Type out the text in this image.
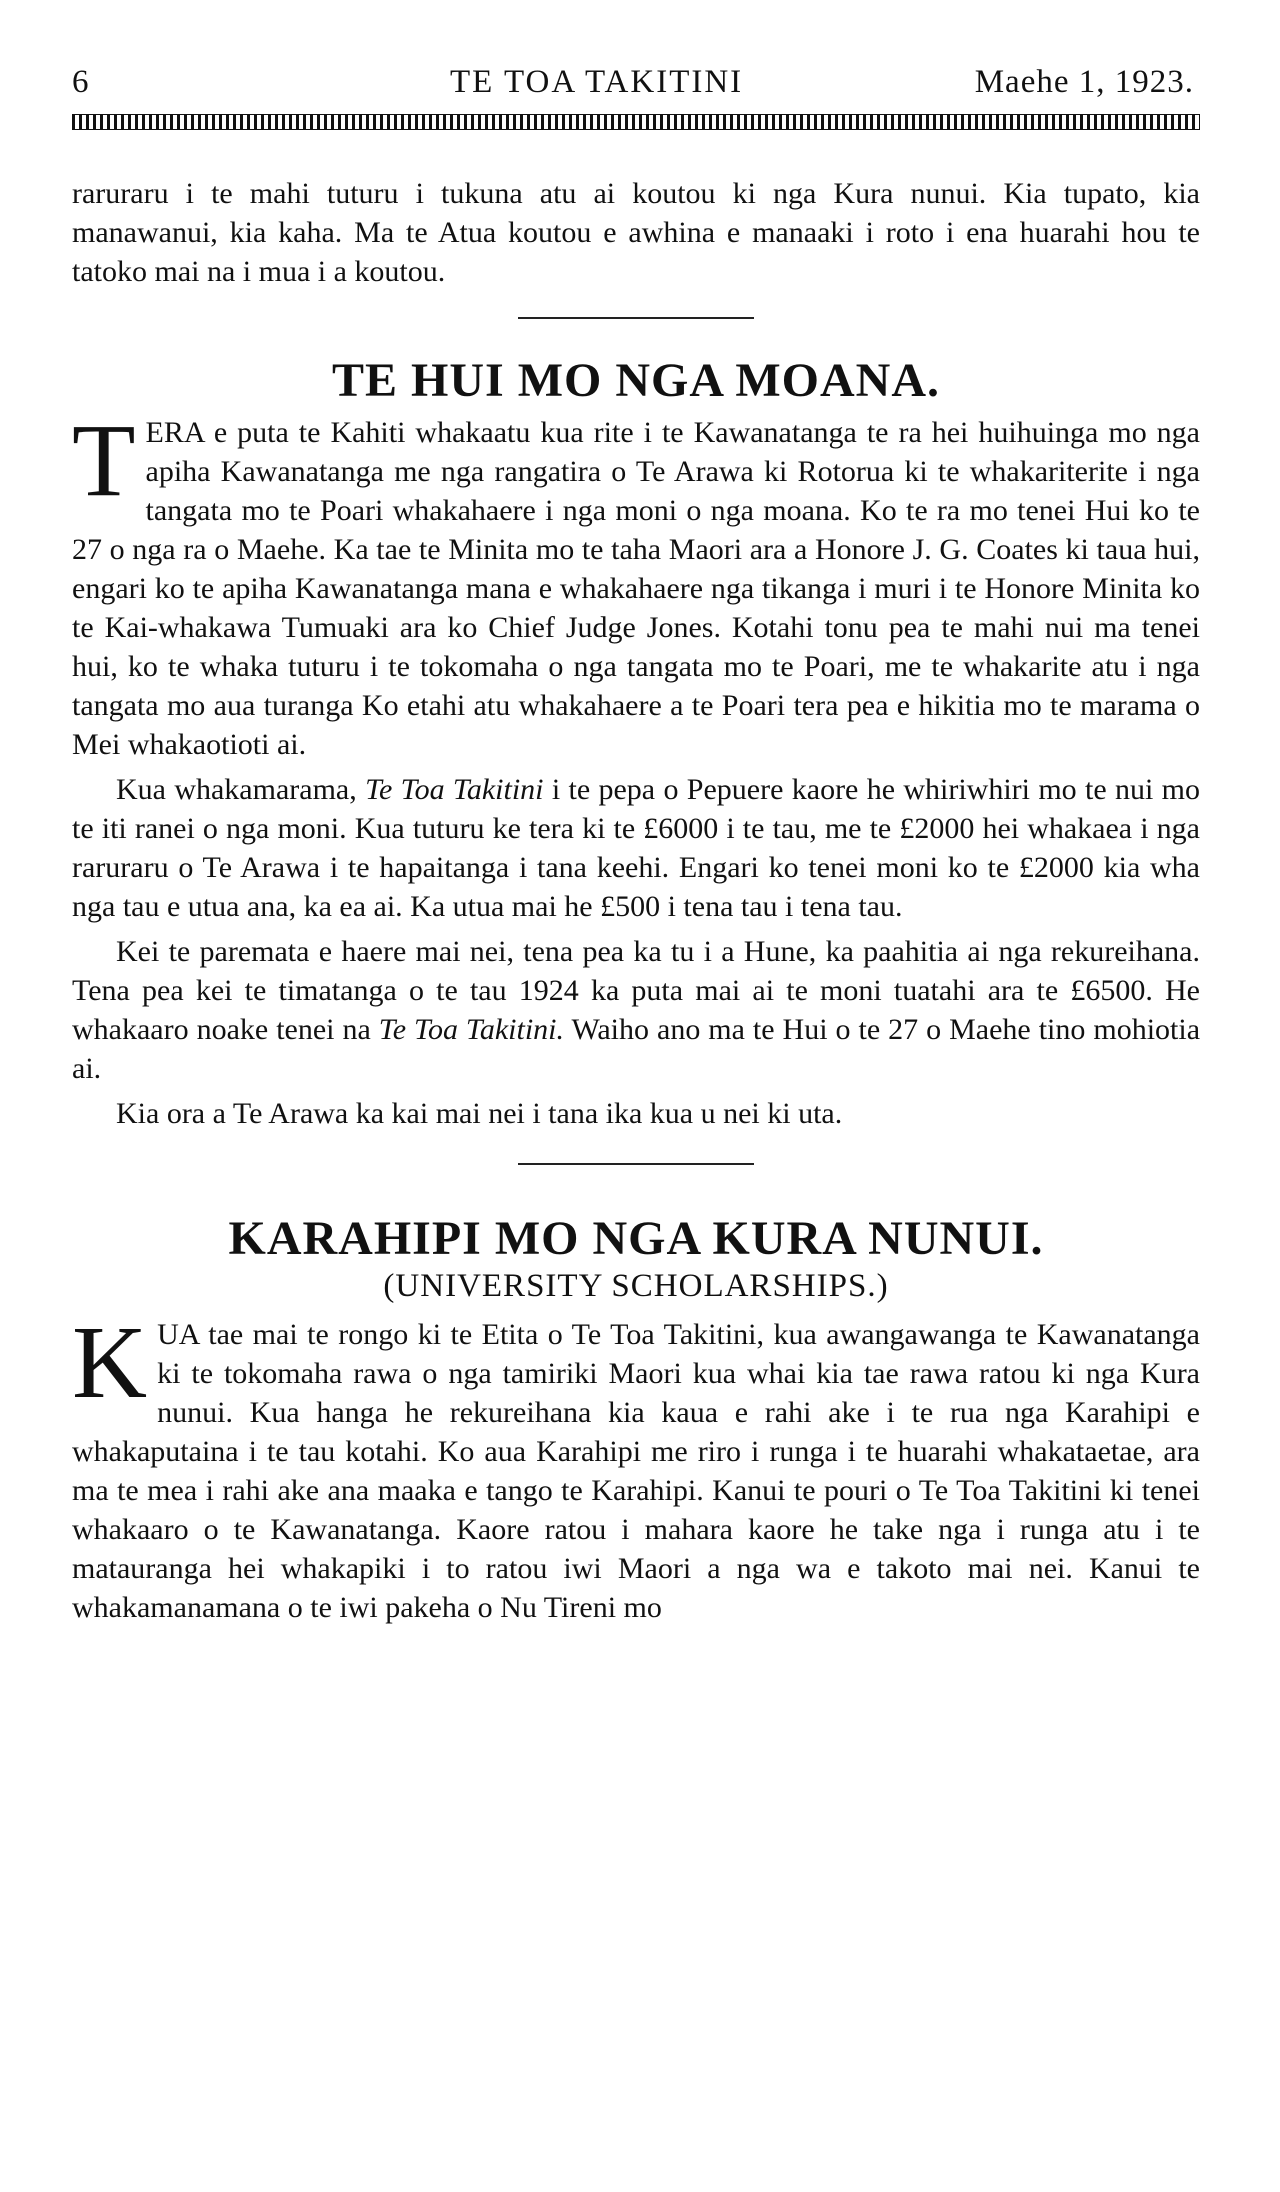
6	TE TOA TAKITINI	Maehe 1, 1923.

raruraru i te mahi tuturu i tukuna atu ai koutou ki nga Kura nunui. Kia tupato, kia manawanui, kia kaha. Ma te Atua koutou e awhina e manaaki i roto i ena huarahi hou te tatoko mai na i mua i a koutou.

TE HUI MO NGA MOANA.

TERA e puta te Kahiti whakaatu kua rite i te Kawanatanga te ra hei huihuinga mo nga apiha Kawanatanga me nga rangatira o Te Arawa ki Rotorua ki te whakariterite i nga tangata mo te Poari whakahaere i nga moni o nga moana. Ko te ra mo tenei Hui ko te 27 o nga ra o Maehe. Ka tae te Minita mo te taha Maori ara a Honore J. G. Coates ki taua hui, engari ko te apiha Kawanatanga mana e whakahaere nga tikanga i muri i te Honore Minita ko te Kai-whakawa Tumuaki ara ko Chief Judge Jones. Kotahi tonu pea te mahi nui ma tenei hui, ko te whaka tuturu i te tokomaha o nga tangata mo te Poari, me te whakarite atu i nga tangata mo aua turanga Ko etahi atu whakahaere a te Poari tera pea e hikitia mo te marama o Mei whakaotioti ai.

Kua whakamarama, Te Toa Takitini i te pepa o Pepuere kaore he whiriwhiri mo te nui mo te iti ranei o nga moni. Kua tuturu ke tera ki te £6000 i te tau, me te £2000 hei whakaea i nga raruraru o Te Arawa i te hapaitanga i tana keehi. Engari ko tenei moni ko te £2000 kia wha nga tau e utua ana, ka ea ai. Ka utua mai he £500 i tena tau i tena tau.

Kei te paremata e haere mai nei, tena pea ka tu i a Hune, ka paahitia ai nga rekureihana. Tena pea kei te timatanga o te tau 1924 ka puta mai ai te moni tuatahi ara te £6500. He whakaaro noake tenei na Te Toa Takitini. Waiho ano ma te Hui o te 27 o Maehe tino mohiotia ai.

Kia ora a Te Arawa ka kai mai nei i tana ika kua u nei ki uta.

KARAHIPI MO NGA KURA NUNUI.
(UNIVERSITY SCHOLARSHIPS.)

KUA tae mai te rongo ki te Etita o Te Toa Takitini, kua awangawanga te Kawanatanga ki te tokomaha rawa o nga tamiriki Maori kua whai kia tae rawa ratou ki nga Kura nunui. Kua hanga he rekureihana kia kaua e rahi ake i te rua nga Karahipi e whakaputaina i te tau kotahi. Ko aua Karahipi me riro i runga i te huarahi whakataetae, ara ma te mea i rahi ake ana maaka e tango te Karahipi. Kanui te pouri o Te Toa Takitini ki tenei whakaaro o te Kawanatanga. Kaore ratou i mahara kaore he take nga i runga atu i te matauranga hei whakapiki i to ratou iwi Maori a nga wa e takoto mai nei. Kanui te whakamanamana o te iwi pakeha o Nu Tireni mo
